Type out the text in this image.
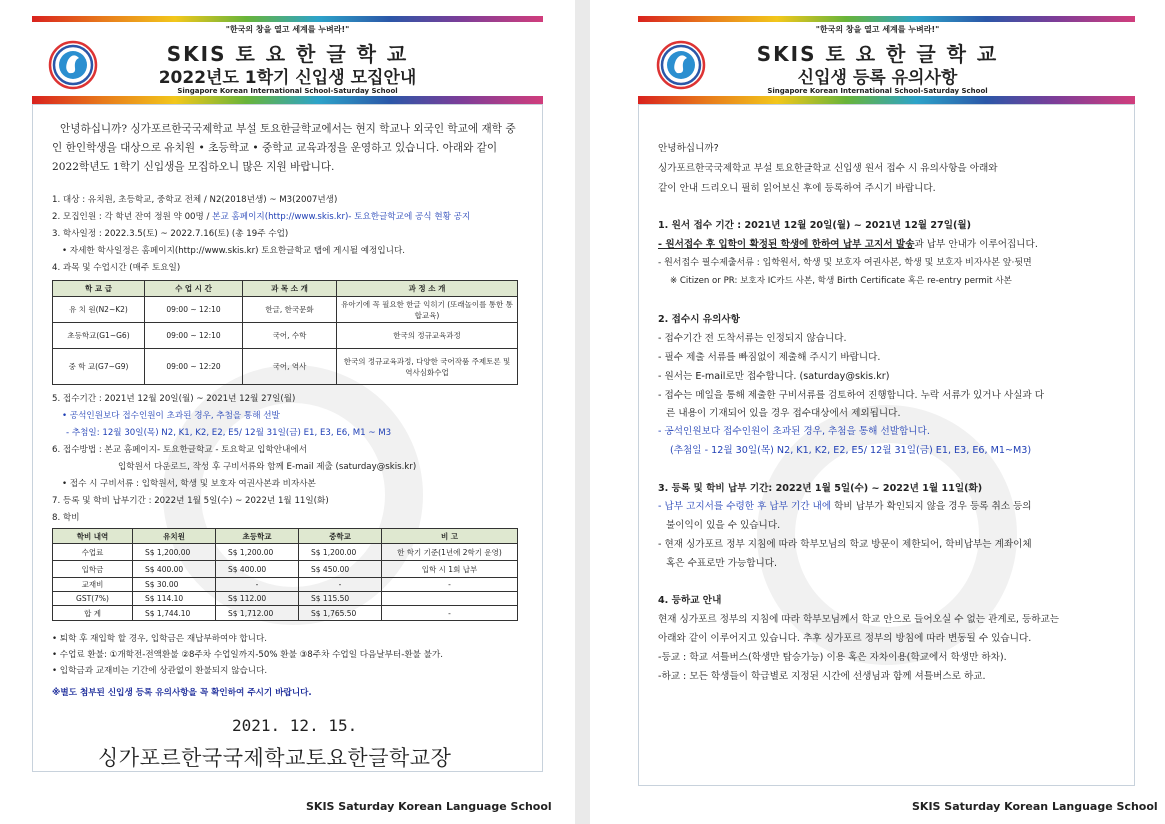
"한국의 창을 열고 세계를 누벼라!"
SKIS 토 요 한 글 학 교
2022년도 1학기 신입생 모집안내
Singapore Korean International School-Saturday School
안녕하십니까? 싱가포르한국국제학교 부설 토요한글학교에서는 현지 학교나 외국인 학교에 재학 중인 한인학생을 대상으로 유치원 • 초등학교 • 중학교 교육과정을 운영하고 있습니다. 아래와 같이 2022학년도 1학기 신입생을 모집하오니 많은 지원 바랍니다.
1. 대상 : 유치원, 초등학교, 중학교 전체 / N2(2018년생) ~ M3(2007년생)
2. 모집인원 : 각 학년 잔여 정원 약 00명 / 본교 홈페이지(http://www.skis.kr)- 토요한글학교에 공식 현황 공지
3. 학사일정 : 2022.3.5(토) ~ 2022.7.16(토) (총 19주 수업)
• 자세한 학사일정은 홈페이지(http://www.skis.kr) 토요한글학교 탭에 게시될 예정입니다.
4. 과목 및 수업시간 (매주 토요일)
학 교 급	수 업 시 간	과 목 소 개	과 정 소 개
유 치 원(N2~K2)	09:00 ~ 12:10	한글, 한국문화	유아기에 꼭 필요한 한글 익히기 (또래놀이를 통한 통합교육)
초등학교(G1~G6)	09:00 ~ 12:10	국어, 수학	한국의 정규교육과정
중 학 교(G7~G9)	09:00 ~ 12:20	국어, 역사	한국의 정규교육과정, 다양한 국어작품 주제토론 및 역사심화수업
5. 접수기간 : 2021년 12월 20일(월) ~ 2021년 12월 27일(월)
• 공석인원보다 접수인원이 초과된 경우, 추첨을 통해 선발
- 추첨일: 12월 30일(목) N2, K1, K2, E2, E5/ 12월 31일(금) E1, E3, E6, M1 ~ M3
6. 접수방법 : 본교 홈페이지- 토요한글학교 - 토요학교 입학안내에서
입학원서 다운로드, 작성 후 구비서류와 함께 E-mail 제출 (saturday@skis.kr)
• 접수 시 구비서류 : 입학원서, 학생 및 보호자 여권사본과 비자사본
7. 등록 및 학비 납부기간 : 2022년 1월 5일(수) ~ 2022년 1월 11일(화)
8. 학비
학비 내역	유치원	초등학교	중학교	비 고
수업료	S$ 1,200.00	S$ 1,200.00	S$ 1,200.00	한 학기 기준(1년에 2학기 운영)
입학금	S$ 400.00	S$ 400.00	S$ 450.00	입학 시 1회 납부
교재비	S$ 30.00	-	-	-
GST(7%)	S$ 114.10	S$ 112.00	S$ 115.50	
합 계	S$ 1,744.10	S$ 1,712.00	S$ 1,765.50	-
• 퇴학 후 재입학 할 경우, 입학금은 재납부하여야 합니다.
• 수업료 환불: ①개학전-전액환불 ②8주차 수업일까지-50% 환불 ③8주차 수업일 다음날부터-환불 불가.
• 입학금과 교재비는 기간에 상관없이 환불되지 않습니다.
※별도 첨부된 신입생 등록 유의사항을 꼭 확인하여 주시기 바랍니다.
2021. 12. 15.
싱가포르한국국제학교토요한글학교장
SKIS Saturday Korean Language School
"한국의 창을 열고 세계를 누벼라!"
SKIS 토 요 한 글 학 교
신입생 등록 유의사항
Singapore Korean International School-Saturday School
안녕하십니까?
싱가포르한국국제학교 부설 토요한글학교 신입생 원서 접수 시 유의사항을 아래와
같이 안내 드리오니 필히 읽어보신 후에 등록하여 주시기 바랍니다.
1. 원서 접수 기간 : 2021년 12월 20일(월) ~ 2021년 12월 27일(월)
- 원서접수 후 입학이 확정된 학생에 한하여 납부 고지서 발송과 납부 안내가 이루어집니다.
- 원서접수 필수제출서류 : 입학원서, 학생 및 보호자 여권사본, 학생 및 보호자 비자사본 앞·뒷면
※ Citizen or PR: 보호자 IC카드 사본, 학생 Birth Certificate 혹은 re-entry permit 사본
2. 접수시 유의사항
- 접수기간 전 도착서류는 인정되지 않습니다.
- 필수 제출 서류를 빠짐없이 제출해 주시기 바랍니다.
- 원서는 E-mail로만 접수합니다. (saturday@skis.kr)
- 접수는 메일을 통해 제출한 구비서류를 검토하여 진행합니다. 누락 서류가 있거나 사실과 다
른 내용이 기재되어 있을 경우 접수대상에서 제외됩니다.
- 공석인원보다 접수인원이 초과된 경우, 추첨을 통해 선발합니다.
(추첨일 - 12월 30일(목) N2, K1, K2, E2, E5/ 12월 31일(금) E1, E3, E6, M1~M3)
3. 등록 및 학비 납부 기간: 2022년 1월 5일(수) ~ 2022년 1월 11일(화)
- 납부 고지서를 수령한 후 납부 기간 내에 학비 납부가 확인되지 않을 경우 등록 취소 등의
불이익이 있을 수 있습니다.
- 현재 싱가포르 정부 지침에 따라 학부모님의 학교 방문이 제한되어, 학비납부는 계좌이체
혹은 수표로만 가능합니다.
4. 등하교 안내
현재 싱가포르 정부의 지침에 따라 학부모님께서 학교 안으로 들어오실 수 없는 관계로, 등하교는
아래와 같이 이루어지고 있습니다. 추후 싱가포르 정부의 방침에 따라 변동될 수 있습니다.
-등교 : 학교 셔틀버스(학생만 탑승가능) 이용 혹은 자차이용(학교에서 학생만 하차).
-하교 : 모든 학생들이 학급별로 지정된 시간에 선생님과 함께 셔틀버스로 하교.
SKIS Saturday Korean Language School
